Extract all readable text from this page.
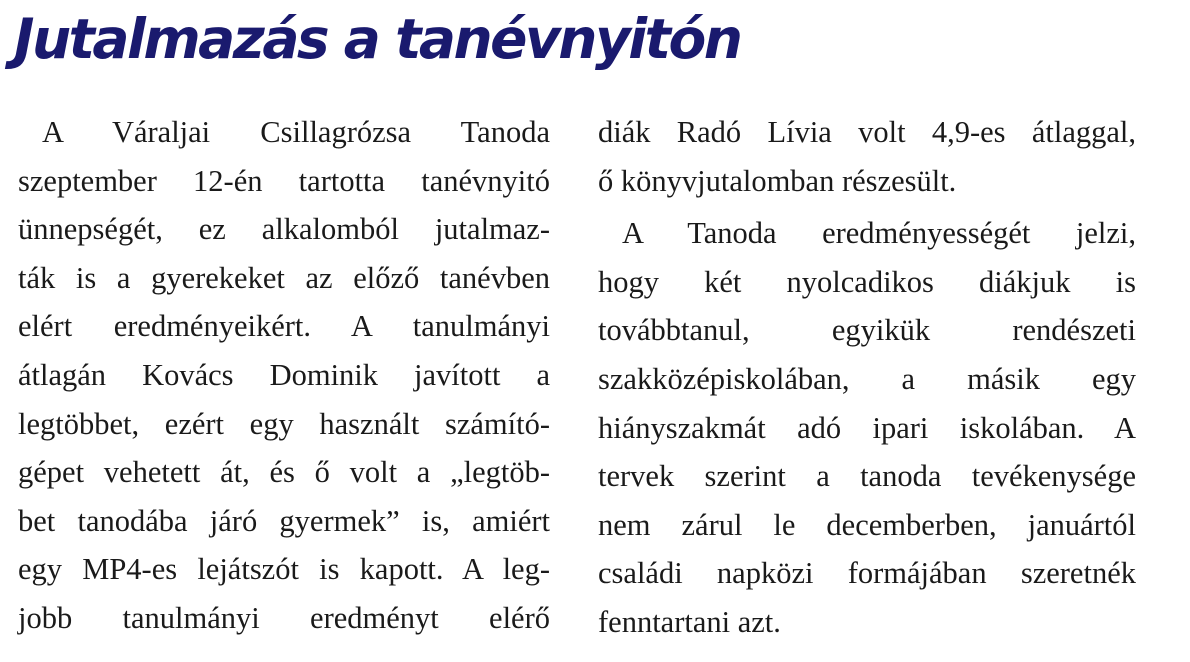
Jutalmazás a tanévnyitón
A Váraljai Csillagrózsa Tanoda
szeptember 12-én tartotta tanévnyitó
ünnepségét, ez alkalomból jutalmaz-
ták is a gyerekeket az előző tanévben
elért eredményeikért. A tanulmányi
átlagán Kovács Dominik javított a
legtöbbet, ezért egy használt számító-
gépet vehetett át, és ő volt a „legtöb-
bet tanodába járó gyermek” is, amiért
egy MP4-es lejátszót is kapott. A leg-
jobb tanulmányi eredményt elérő
diák Radó Lívia volt 4,9-es átlaggal,
ő könyvjutalomban részesült.
A Tanoda eredményességét jelzi,
hogy két nyolcadikos diákjuk is
továbbtanul, egyikük rendészeti
szakközépiskolában, a másik egy
hiányszakmát adó ipari iskolában. A
tervek szerint a tanoda tevékenysége
nem zárul le decemberben, januártól
családi napközi formájában szeretnék
fenntartani azt.
